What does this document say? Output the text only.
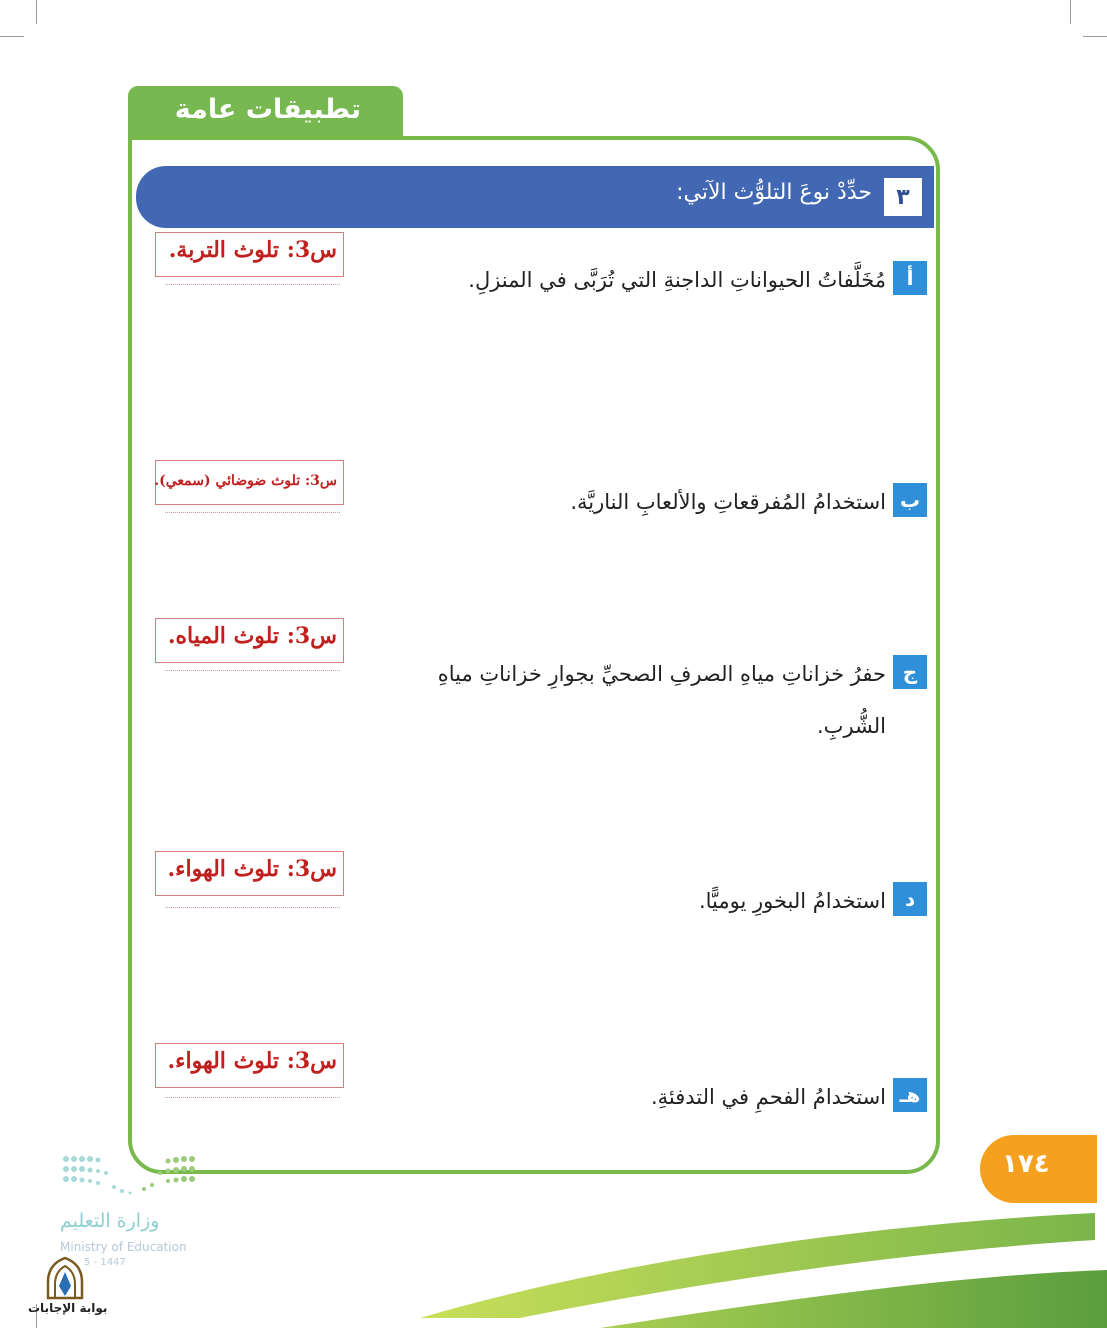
تطبيقات عامة
٣
حدِّدْ نوعَ التلوُّث الآتي:
أ
مُخَلَّفاتُ الحيواناتِ الداجنةِ التي تُرَبَّى في المنزلِ.
ب
استخدامُ المُفرقعاتِ والألعابِ الناريَّة.
ج
حفرُ خزاناتِ مياهِ الصرفِ الصحيِّ بجوارِ خزاناتِ مياهِ الشُّربِ.
د
استخدامُ البخورِ يوميًّا.
هـ
استخدامُ الفحمِ في التدفئةِ.
س3: تلوث التربة.
س3: تلوث ضوضائي (سمعي).
س3: تلوث المياه.
س3: تلوث الهواء.
س3: تلوث الهواء.
١٧٤
وزارة التعليم
Ministry of Education
5 - 1447
بوابة الإجابات
